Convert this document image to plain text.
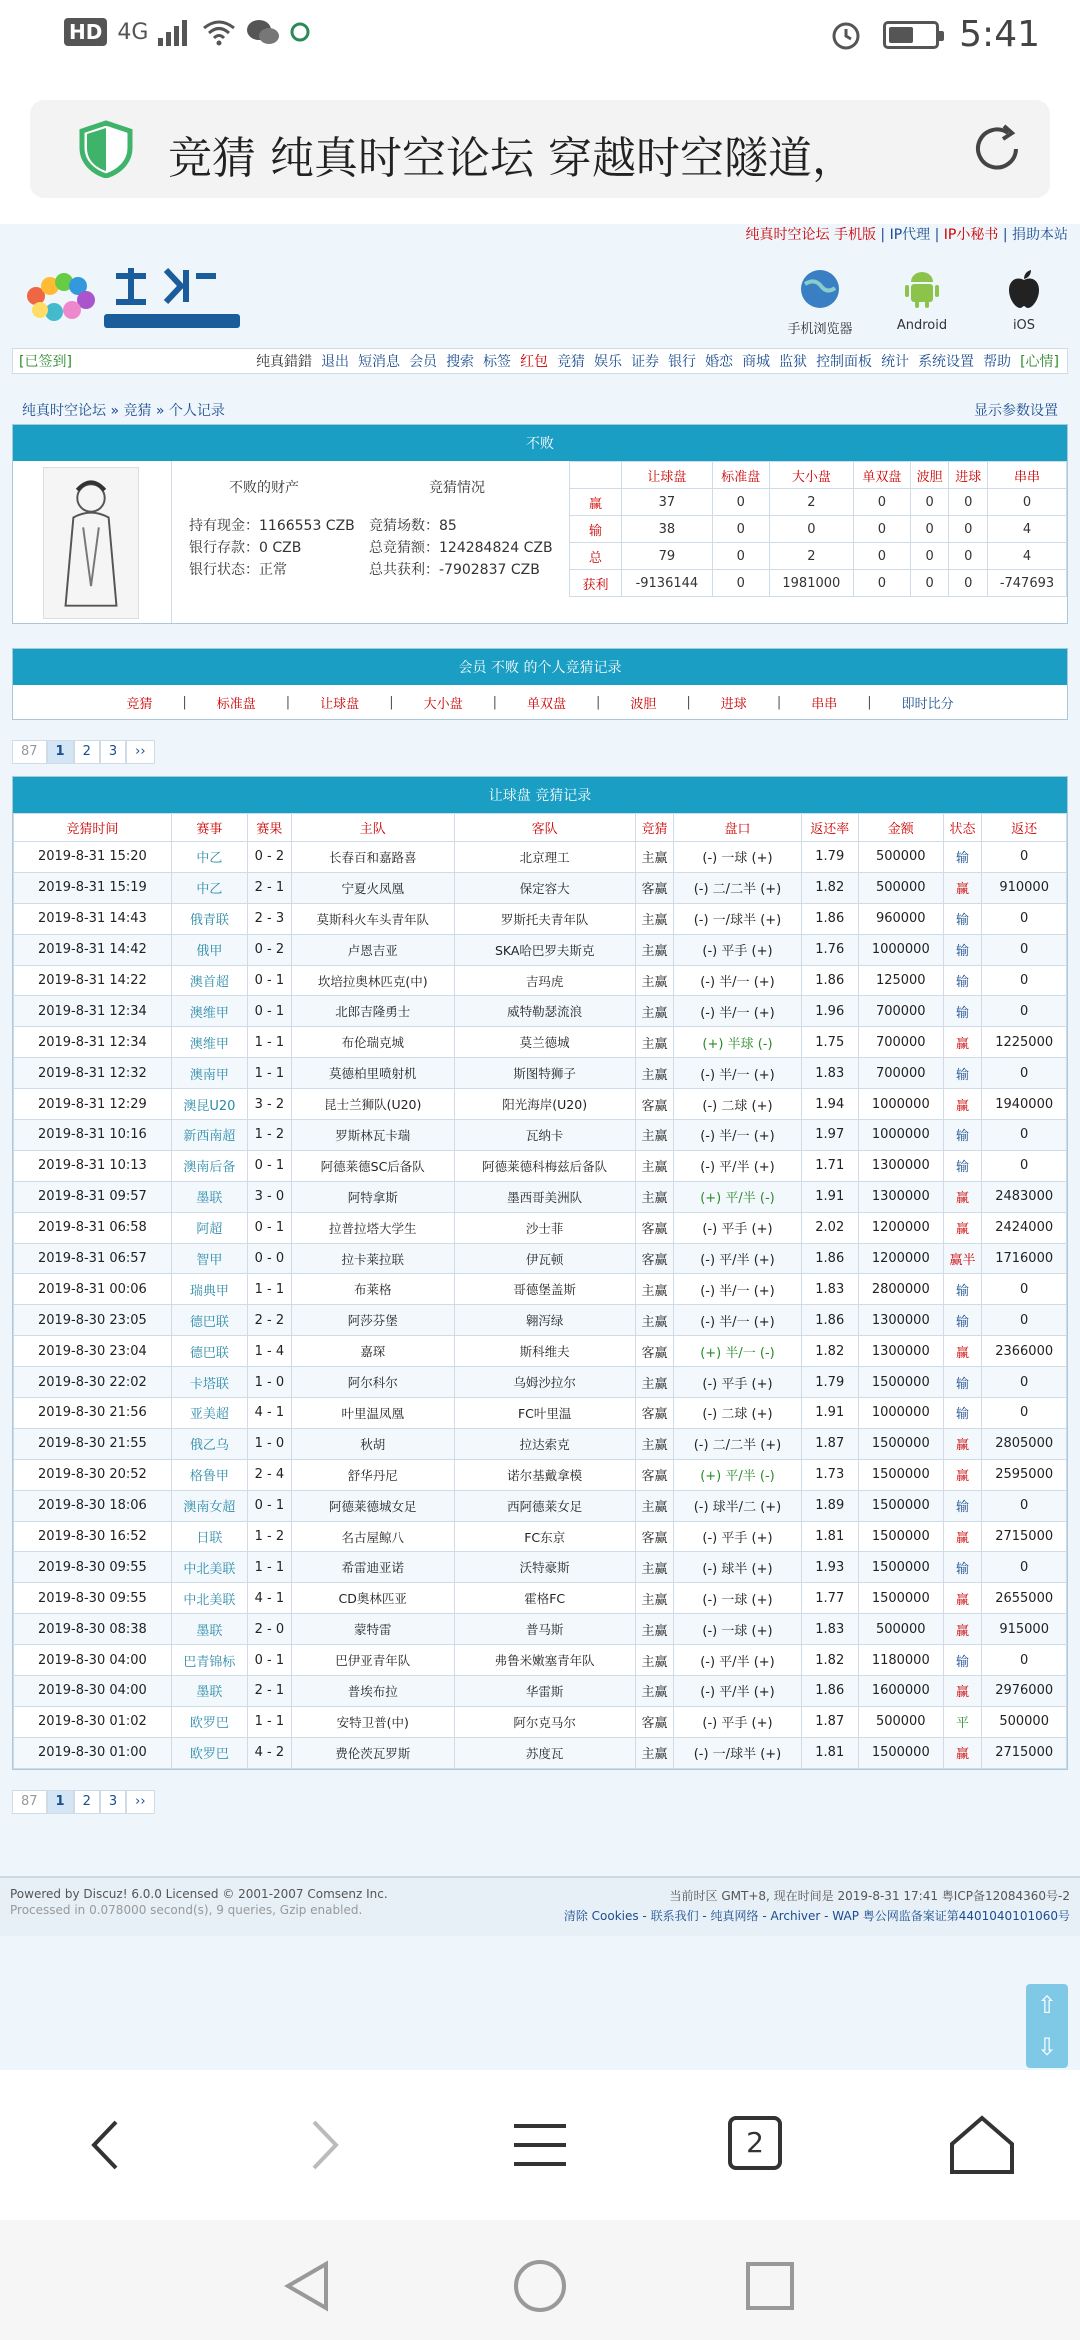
HD 4G	5:41
竞猜 纯真时空论坛 穿越时空隧道，
纯真时空论坛 手机版 | IP代理 | IP小秘书 | 捐助本站
手机浏览器	Android	iOS
[已签到]	纯真錯錯 退出 短消息 会员 搜索 标签 红包 竞猜 娱乐 证券 银行 婚恋 商城 监狱 控制面板 统计 系统设置 帮助 [心情]
纯真时空论坛 » 竞猜 » 个人记录	显示参数设置
不败
不败的财产	竞猜情况
持有现金：1166553 CZB	竞猜场数：85
银行存款：0 CZB	总竞猜额：124284824 CZB
银行状态：正常	总共获利：-7902837 CZB
	让球盘	标准盘	大小盘	单双盘	波胆	进球	串串
赢	37	0	2	0	0	0	0
输	38	0	0	0	0	0	4
总	79	0	2	0	0	0	4
获利	-9136144	0	1981000	0	0	0	-747693
会员 不败 的个人竞猜记录
竞猜 | 标准盘 | 让球盘 | 大小盘 | 单双盘 | 波胆 | 进球 | 串串 | 即时比分
87	1	2	3	››
让球盘 竞猜记录
竞猜时间	赛事	赛果	主队	客队	竞猜	盘口	返还率	金额	状态	返还
2019-8-31 15:20	中乙	0 - 2	长春百和嘉路喜	北京理工	主赢	(-) 一球 (+)	1.79	500000	输	0
2019-8-31 15:19	中乙	2 - 1	宁夏火凤凰	保定容大	客赢	(-) 二/二半 (+)	1.82	500000	赢	910000
2019-8-31 14:43	俄青联	2 - 3	莫斯科火车头青年队	罗斯托夫青年队	主赢	(-) 一/球半 (+)	1.86	960000	输	0
2019-8-31 14:42	俄甲	0 - 2	卢恩吉亚	SKA哈巴罗夫斯克	主赢	(-) 平手 (+)	1.76	1000000	输	0
2019-8-31 14:22	澳首超	0 - 1	坎培拉奥林匹克(中)	吉玛虎	主赢	(-) 半/一 (+)	1.86	125000	输	0
2019-8-31 12:34	澳维甲	0 - 1	北郎吉隆勇士	威特勒瑟流浪	主赢	(-) 半/一 (+)	1.96	700000	输	0
2019-8-31 12:34	澳维甲	1 - 1	布伦瑞克城	莫兰德城	主赢	(+) 半球 (-)	1.75	700000	赢	1225000
2019-8-31 12:32	澳南甲	1 - 1	莫德柏里喷射机	斯图特狮子	主赢	(-) 半/一 (+)	1.83	700000	输	0
2019-8-31 12:29	澳昆U20	3 - 2	昆士兰狮队(U20)	阳光海岸(U20)	客赢	(-) 二球 (+)	1.94	1000000	赢	1940000
2019-8-31 10:16	新西南超	1 - 2	罗斯林瓦卡瑞	瓦纳卡	主赢	(-) 半/一 (+)	1.97	1000000	输	0
2019-8-31 10:13	澳南后备	0 - 1	阿德莱德SC后备队	阿德莱德科梅兹后备队	主赢	(-) 平/半 (+)	1.71	1300000	输	0
2019-8-31 09:57	墨联	3 - 0	阿特拿斯	墨西哥美洲队	主赢	(+) 平/半 (-)	1.91	1300000	赢	2483000
2019-8-31 06:58	阿超	0 - 1	拉普拉塔大学生	沙士菲	客赢	(-) 平手 (+)	2.02	1200000	赢	2424000
2019-8-31 06:57	智甲	0 - 0	拉卡莱拉联	伊瓦顿	客赢	(-) 平/半 (+)	1.86	1200000	赢半	1716000
2019-8-31 00:06	瑞典甲	1 - 1	布莱格	哥德堡盖斯	主赢	(-) 半/一 (+)	1.83	2800000	输	0
2019-8-30 23:05	德巴联	2 - 2	阿莎芬堡	翱泻绿	主赢	(-) 半/一 (+)	1.86	1300000	输	0
2019-8-30 23:04	德巴联	1 - 4	嘉琛	斯科维夫	客赢	(+) 半/一 (-)	1.82	1300000	赢	2366000
2019-8-30 22:02	卡塔联	1 - 0	阿尔科尔	乌姆沙拉尔	主赢	(-) 平手 (+)	1.79	1500000	输	0
2019-8-30 21:56	亚美超	4 - 1	叶里温凤凰	FC叶里温	客赢	(-) 二球 (+)	1.91	1000000	输	0
2019-8-30 21:55	俄乙乌	1 - 0	秋胡	拉达索克	主赢	(-) 二/二半 (+)	1.87	1500000	赢	2805000
2019-8-30 20:52	格鲁甲	2 - 4	舒华丹尼	诺尔基戴拿模	客赢	(+) 平/半 (-)	1.73	1500000	赢	2595000
2019-8-30 18:06	澳南女超	0 - 1	阿德莱德城女足	西阿德莱女足	主赢	(-) 球半/二 (+)	1.89	1500000	输	0
2019-8-30 16:52	日联	1 - 2	名古屋鲸八	FC东京	客赢	(-) 平手 (+)	1.81	1500000	赢	2715000
2019-8-30 09:55	中北美联	1 - 1	希雷迪亚诺	沃特豪斯	主赢	(-) 球半 (+)	1.93	1500000	输	0
2019-8-30 09:55	中北美联	4 - 1	CD奥林匹亚	霍格FC	主赢	(-) 一球 (+)	1.77	1500000	赢	2655000
2019-8-30 08:38	墨联	2 - 0	蒙特雷	普马斯	主赢	(-) 一球 (+)	1.83	500000	赢	915000
2019-8-30 04:00	巴青锦标	0 - 1	巴伊亚青年队	弗鲁米嫩塞青年队	主赢	(-) 平/半 (+)	1.82	1180000	输	0
2019-8-30 04:00	墨联	2 - 1	普埃布拉	华雷斯	主赢	(-) 平/半 (+)	1.86	1600000	赢	2976000
2019-8-30 01:02	欧罗巴	1 - 1	安特卫普(中)	阿尔克马尔	客赢	(-) 平手 (+)	1.87	500000	平	500000
2019-8-30 01:00	欧罗巴	4 - 2	费伦茨瓦罗斯	苏度瓦	主赢	(-) 一/球半 (+)	1.81	1500000	赢	2715000
87	1	2	3	››
Powered by Discuz! 6.0.0 Licensed © 2001-2007 Comsenz Inc.
Processed in 0.078000 second(s), 9 queries, Gzip enabled.
当前时区 GMT+8, 现在时间是 2019-8-31 17:41 粤ICP备12084360号-2
清除 Cookies - 联系我们 - 纯真网络 - Archiver - WAP 粤公网监备案证第4401040101060号
⇧
⇩
2
